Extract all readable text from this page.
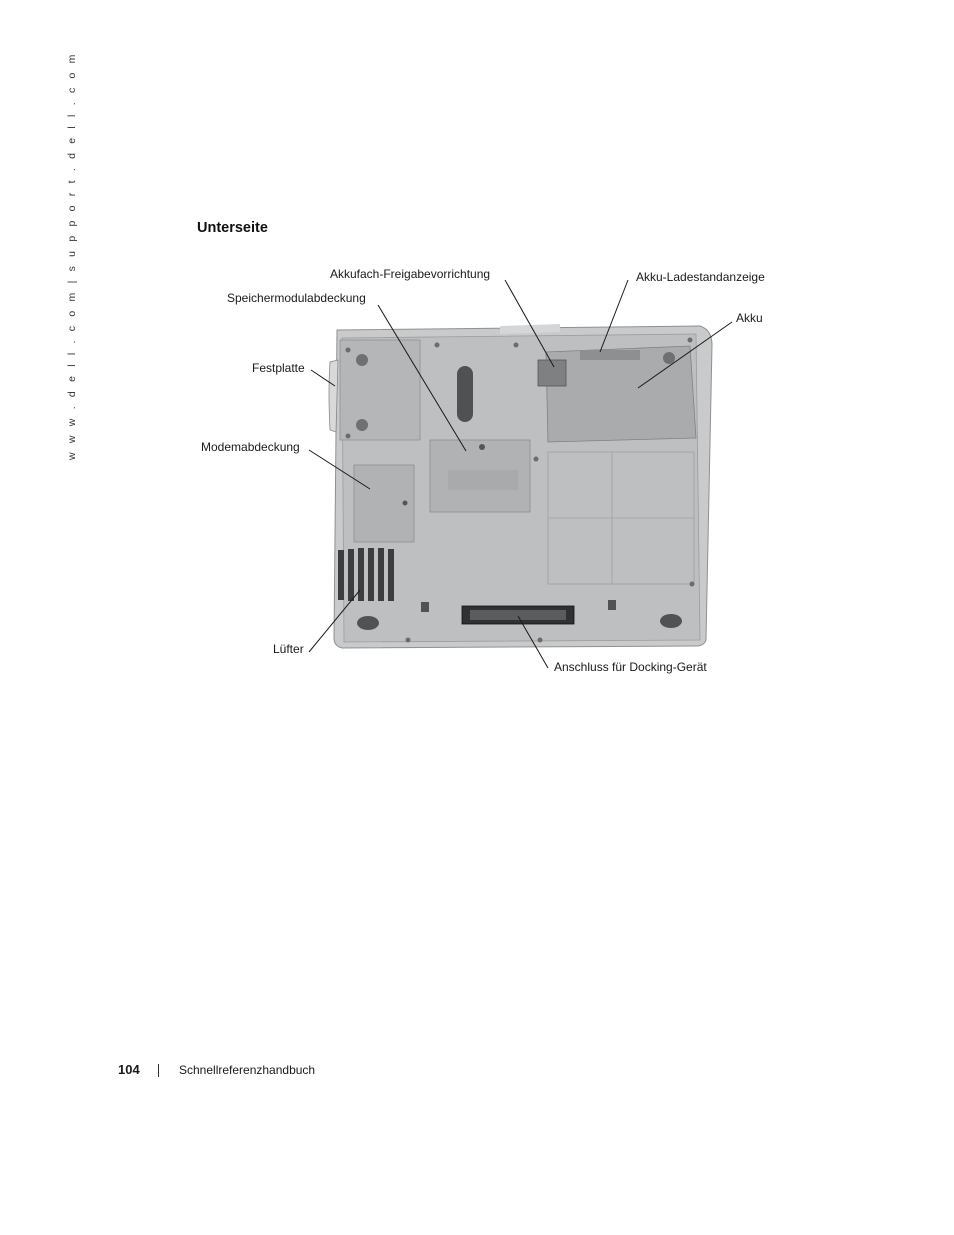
w w w . d e l l . c o m | s u p p o r t . d e l l . c o m	Unterseite
Akkufach-Freigabevorrichtung
Speichermodulabdeckung
Festplatte
Modemabdeckung
Lüfter
Akku-Ladestandanzeige
Akku
Anschluss für Docking-Gerät
104	Schnellreferenzhandbuch
